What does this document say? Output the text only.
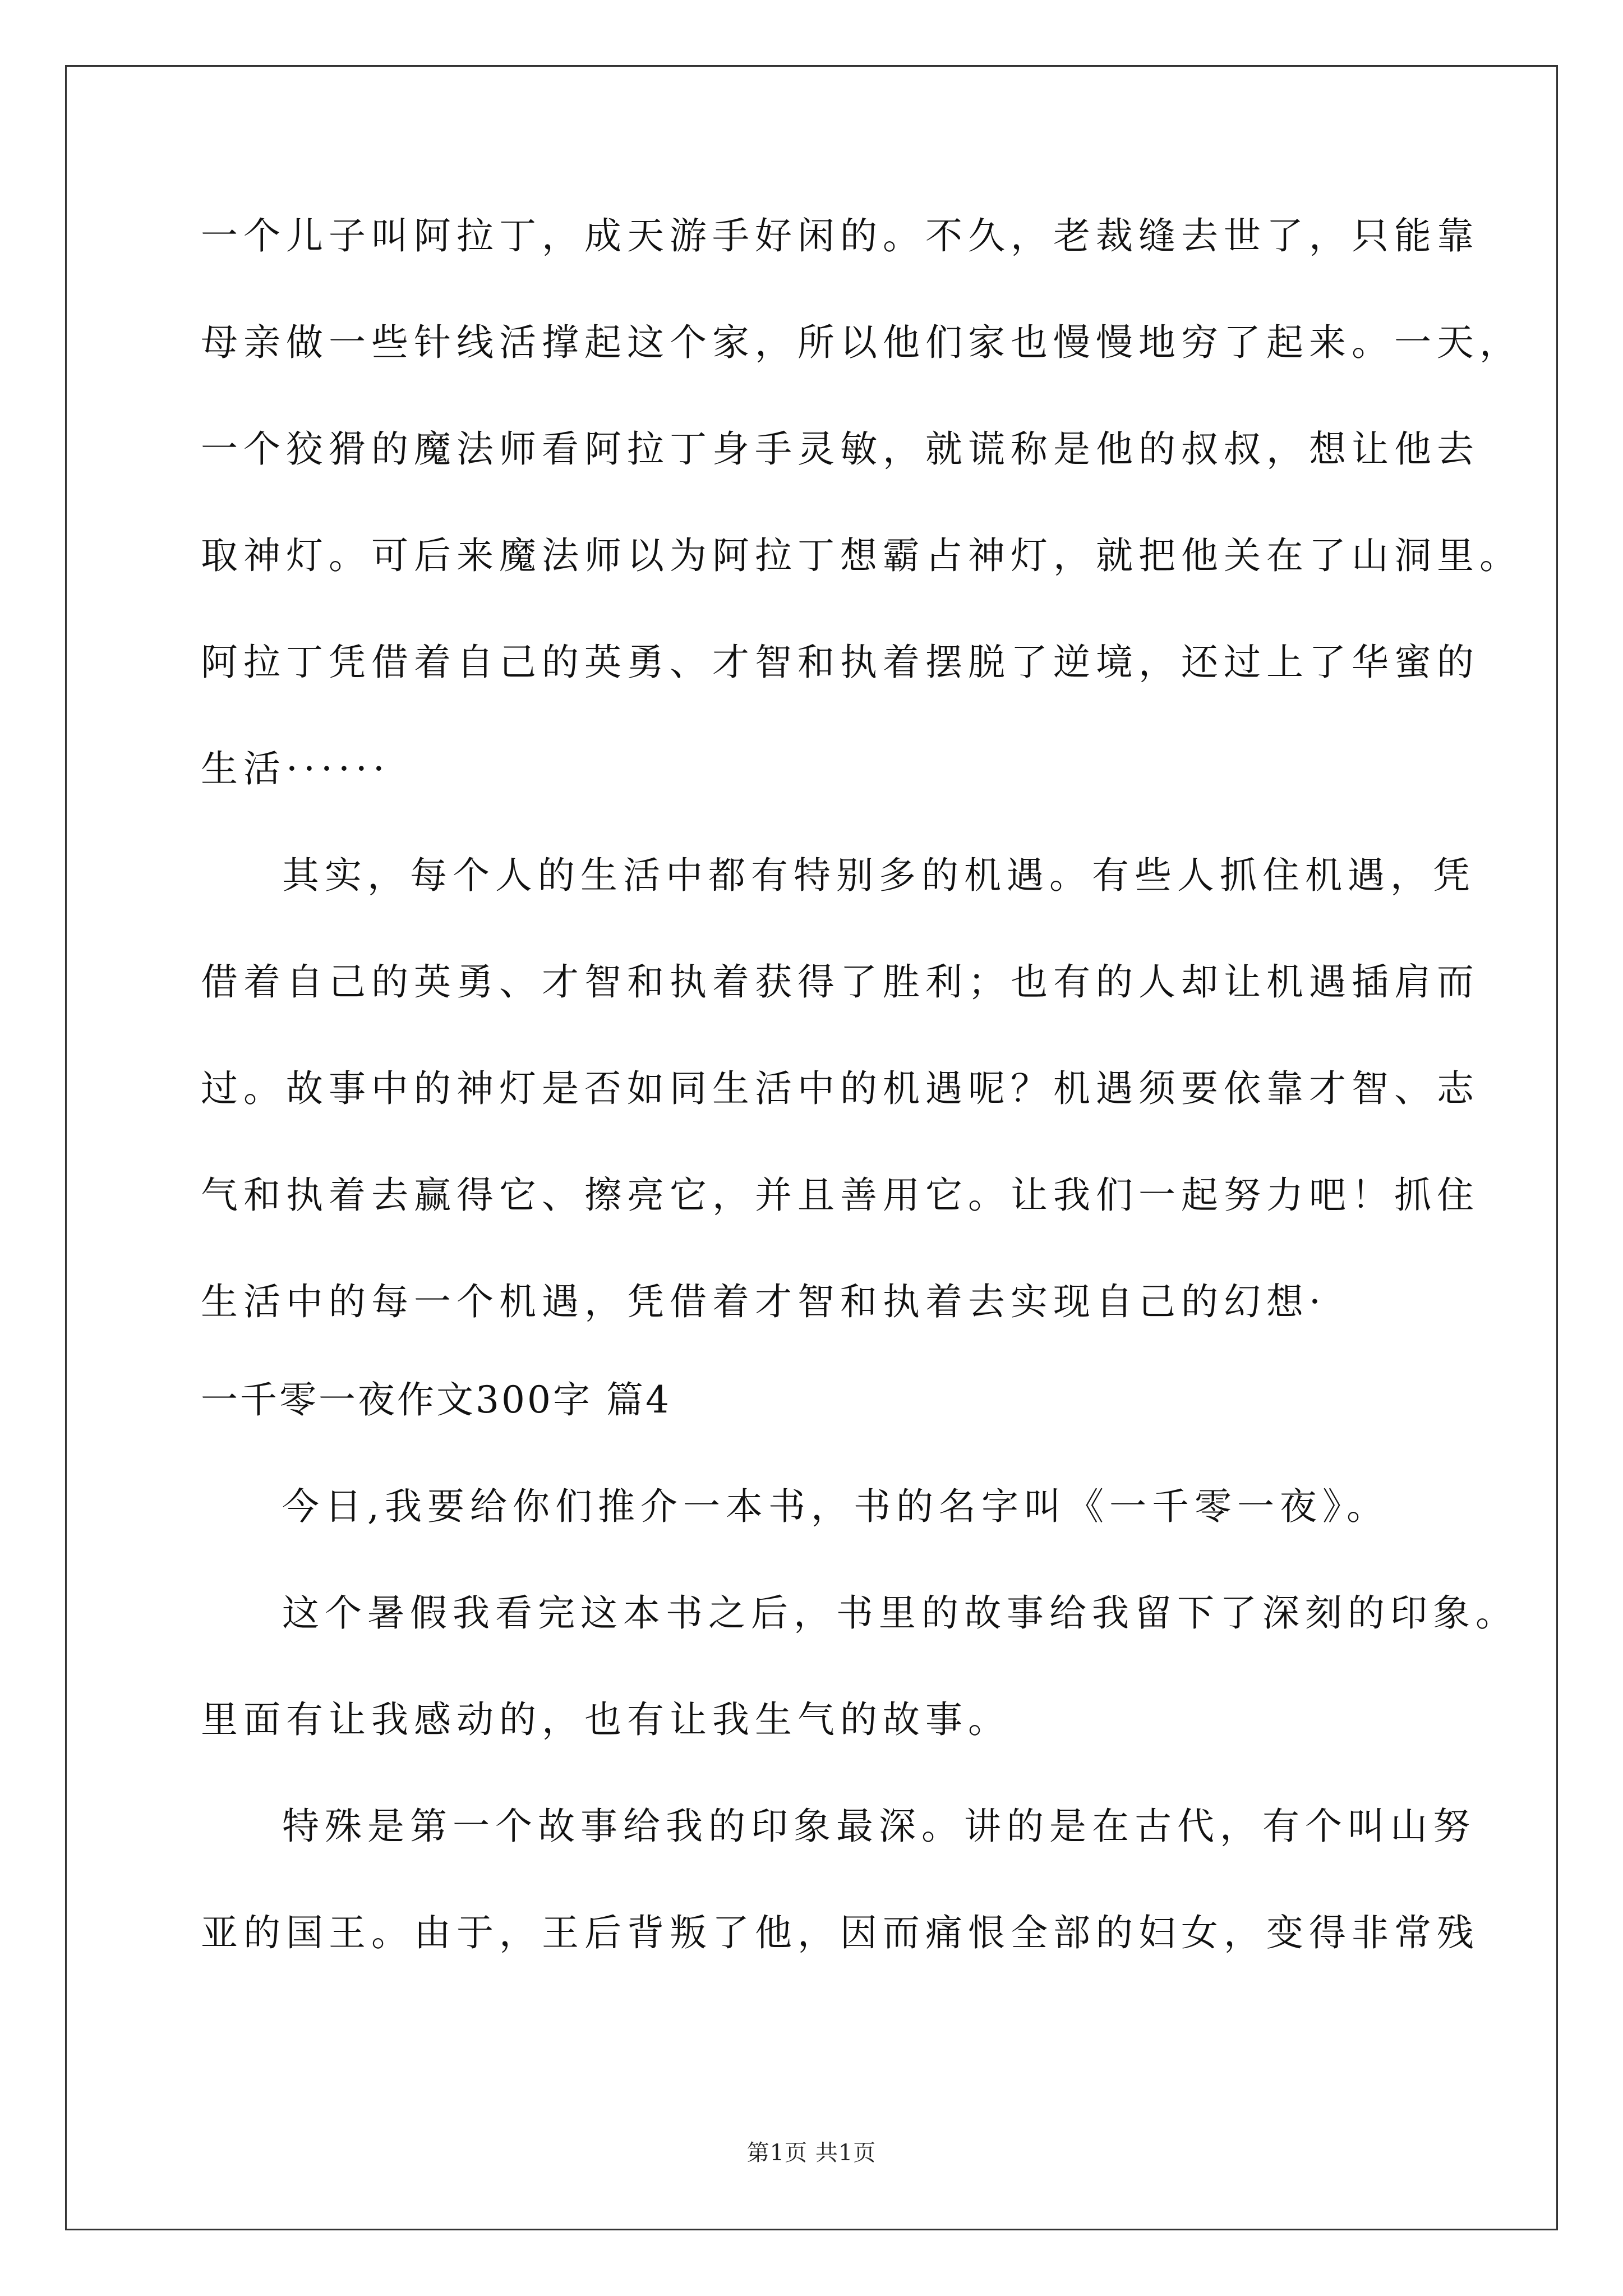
一个儿子叫阿拉丁，成天游手好闲的。不久，老裁缝去世了，只能靠
母亲做一些针线活撑起这个家，所以他们家也慢慢地穷了起来。一天，
一个狡猾的魔法师看阿拉丁身手灵敏，就谎称是他的叔叔，想让他去
取神灯。可后来魔法师以为阿拉丁想霸占神灯，就把他关在了山洞里。
阿拉丁凭借着自己的英勇、才智和执着摆脱了逆境，还过上了华蜜的
生活······
其实，每个人的生活中都有特别多的机遇。有些人抓住机遇，凭
借着自己的英勇、才智和执着获得了胜利；也有的人却让机遇插肩而
过。故事中的神灯是否如同生活中的机遇呢？机遇须要依靠才智、志
气和执着去赢得它、擦亮它，并且善用它。让我们一起努力吧！抓住
生活中的每一个机遇，凭借着才智和执着去实现自己的幻想·
一千零一夜作文300字 篇4
今日,我要给你们推介一本书，书的名字叫《一千零一夜》。
这个暑假我看完这本书之后，书里的故事给我留下了深刻的印象。
里面有让我感动的，也有让我生气的故事。
特殊是第一个故事给我的印象最深。讲的是在古代，有个叫山努
亚的国王。由于，王后背叛了他，因而痛恨全部的妇女，变得非常残
第1页 共1页
